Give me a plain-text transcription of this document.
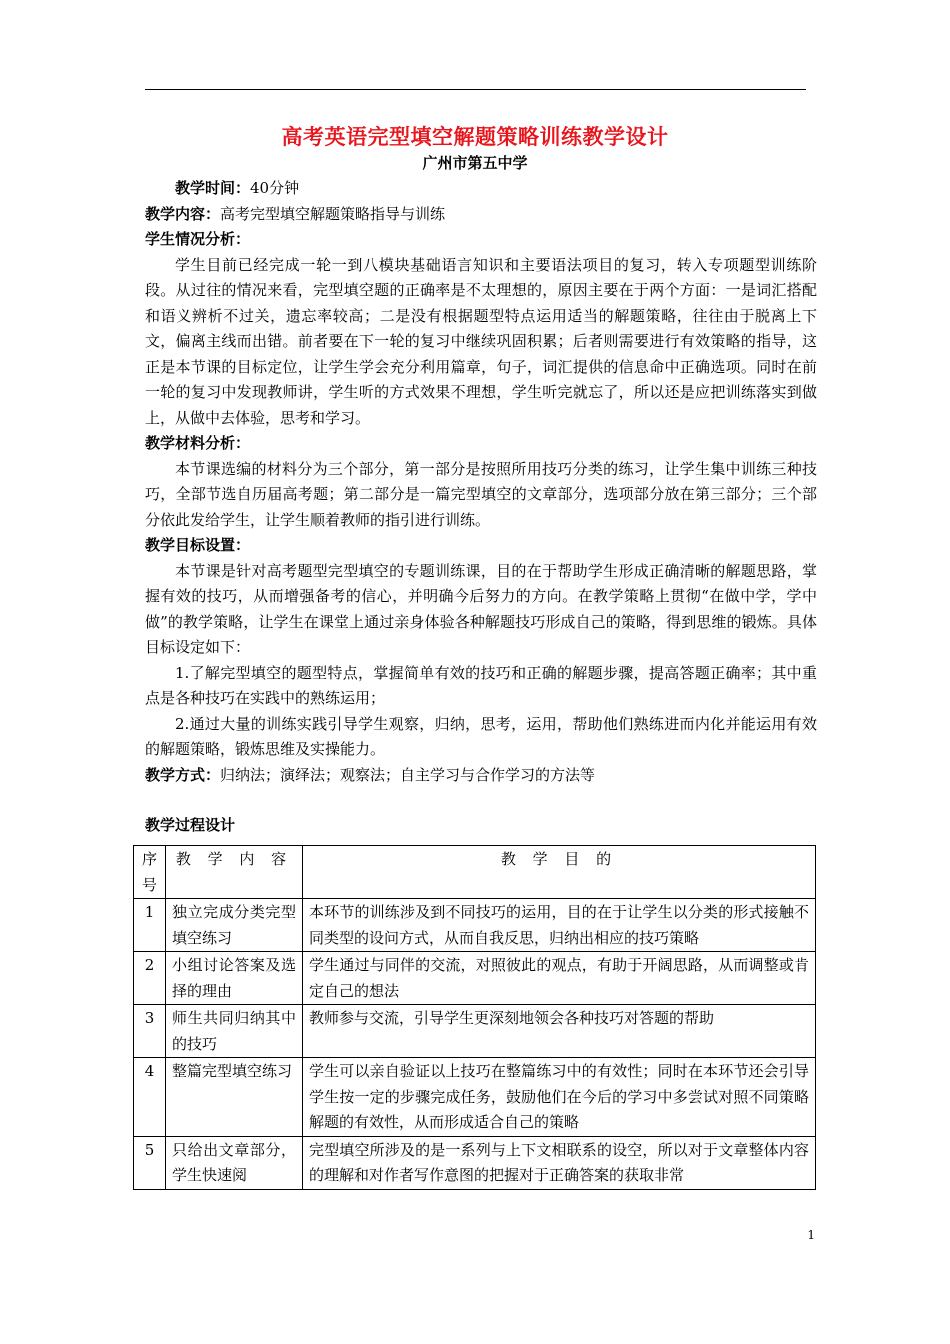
高考英语完型填空解题策略训练教学设计
广州市第五中学

教学时间：40分钟

教学内容：高考完型填空解题策略指导与训练

学生情况分析：

学生目前已经完成一轮一到八模块基础语言知识和主要语法项目的复习，转入专项题型训练阶段。从过往的情况来看，完型填空题的正确率是不太理想的，原因主要在于两个方面：一是词汇搭配和语义辨析不过关，遗忘率较高；二是没有根据题型特点运用适当的解题策略，往往由于脱离上下文，偏离主线而出错。前者要在下一轮的复习中继续巩固积累；后者则需要进行有效策略的指导，这正是本节课的目标定位，让学生学会充分利用篇章，句子，词汇提供的信息命中正确选项。同时在前一轮的复习中发现教师讲，学生听的方式效果不理想，学生听完就忘了，所以还是应把训练落实到做上，从做中去体验，思考和学习。

教学材料分析：

本节课选编的材料分为三个部分，第一部分是按照所用技巧分类的练习，让学生集中训练三种技巧，全部节选自历届高考题；第二部分是一篇完型填空的文章部分，选项部分放在第三部分；三个部分依此发给学生，让学生顺着教师的指引进行训练。

教学目标设置：

本节课是针对高考题型完型填空的专题训练课，目的在于帮助学生形成正确清晰的解题思路，掌握有效的技巧，从而增强备考的信心，并明确今后努力的方向。在教学策略上贯彻“在做中学，学中做”的教学策略，让学生在课堂上通过亲身体验各种解题技巧形成自己的策略，得到思维的锻炼。具体目标设定如下：

1.了解完型填空的题型特点，掌握简单有效的技巧和正确的解题步骤，提高答题正确率；其中重点是各种技巧在实践中的熟练运用；

2.通过大量的训练实践引导学生观察，归纳，思考，运用，帮助他们熟练进而内化并能运用有效的解题策略，锻炼思维及实操能力。

教学方式：归纳法；演绎法；观察法；自主学习与合作学习的方法等

教学过程设计

序号	教 学 内 容	教 学 目 的
1	独立完成分类完型填空练习	本环节的训练涉及到不同技巧的运用，目的在于让学生以分类的形式接触不同类型的设问方式，从而自我反思，归纳出相应的技巧策略
2	小组讨论答案及选择的理由	学生通过与同伴的交流，对照彼此的观点，有助于开阔思路，从而调整或肯定自己的想法
3	师生共同归纳其中的技巧	教师参与交流，引导学生更深刻地领会各种技巧对答题的帮助
4	整篇完型填空练习	学生可以亲自验证以上技巧在整篇练习中的有效性；同时在本环节还会引导学生按一定的步骤完成任务，鼓励他们在今后的学习中多尝试对照不同策略解题的有效性，从而形成适合自己的策略
5	只给出文章部分，学生快速阅	完型填空所涉及的是一系列与上下文相联系的设空，所以对于文章整体内容的理解和对作者写作意图的把握对于正确答案的获取非常
1
